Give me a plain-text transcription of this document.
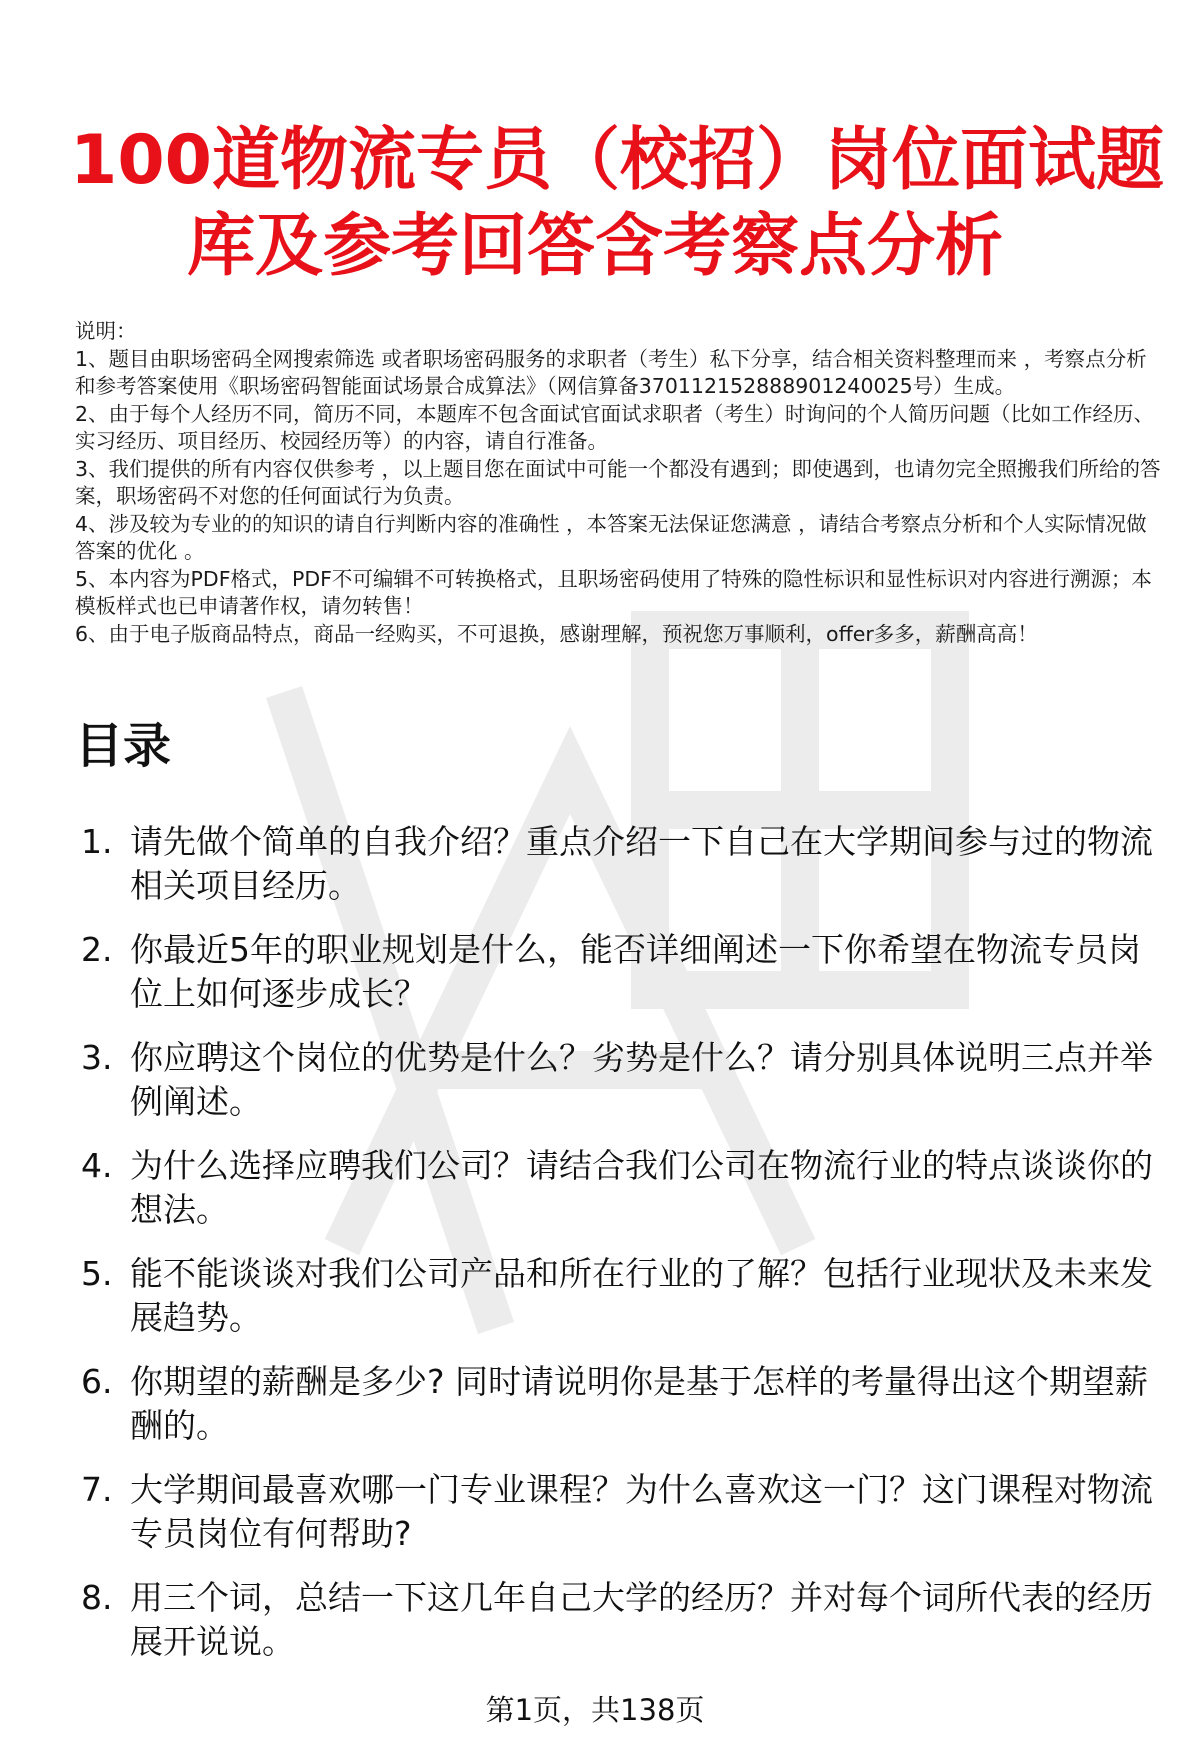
100道物流专员（校招）岗位面试题
库及参考回答含考察点分析

说明：

1、题目由职场密码全网搜索筛选 或者职场密码服务的求职者（考生）私下分享，结合相关资料整理而来 ，考察点分析和参考答案使用《职场密码智能面试场景合成算法》（网信算备370112152888901240025号）生成。

2、由于每个人经历不同，简历不同，本题库不包含面试官面试求职者（考生）时询问的个人简历问题（比如工作经历、实习经历、项目经历、校园经历等）的内容，请自行准备。

3、我们提供的所有内容仅供参考 ，以上题目您在面试中可能一个都没有遇到；即使遇到，也请勿完全照搬我们所给的答案，职场密码不对您的任何面试行为负责。

4、涉及较为专业的的知识的请自行判断内容的准确性 ，本答案无法保证您满意 ，请结合考察点分析和个人实际情况做答案的优化 。

5、本内容为PDF格式，PDF不可编辑不可转换格式，且职场密码使用了特殊的隐性标识和显性标识对内容进行溯源；本模板样式也已申请著作权，请勿转售！

6、由于电子版商品特点，商品一经购买，不可退换，感谢理解，预祝您万事顺利，offer多多，薪酬高高！

目录
1. 请先做个简单的自我介绍？重点介绍一下自己在大学期间参与过的物流相关项目经历。
2. 你最近5年的职业规划是什么，能否详细阐述一下你希望在物流专员岗位上如何逐步成长？
3. 你应聘这个岗位的优势是什么？劣势是什么？请分别具体说明三点并举例阐述。
4. 为什么选择应聘我们公司？请结合我们公司在物流行业的特点谈谈你的想法。
5. 能不能谈谈对我们公司产品和所在行业的了解？包括行业现状及未来发展趋势。
6. 你期望的薪酬是多少? 同时请说明你是基于怎样的考量得出这个期望薪酬的。
7. 大学期间最喜欢哪一门专业课程？为什么喜欢这一门？这门课程对物流专员岗位有何帮助?
8. 用三个词，总结一下这几年自己大学的经历？并对每个词所代表的经历展开说说。
第1页，共138页
